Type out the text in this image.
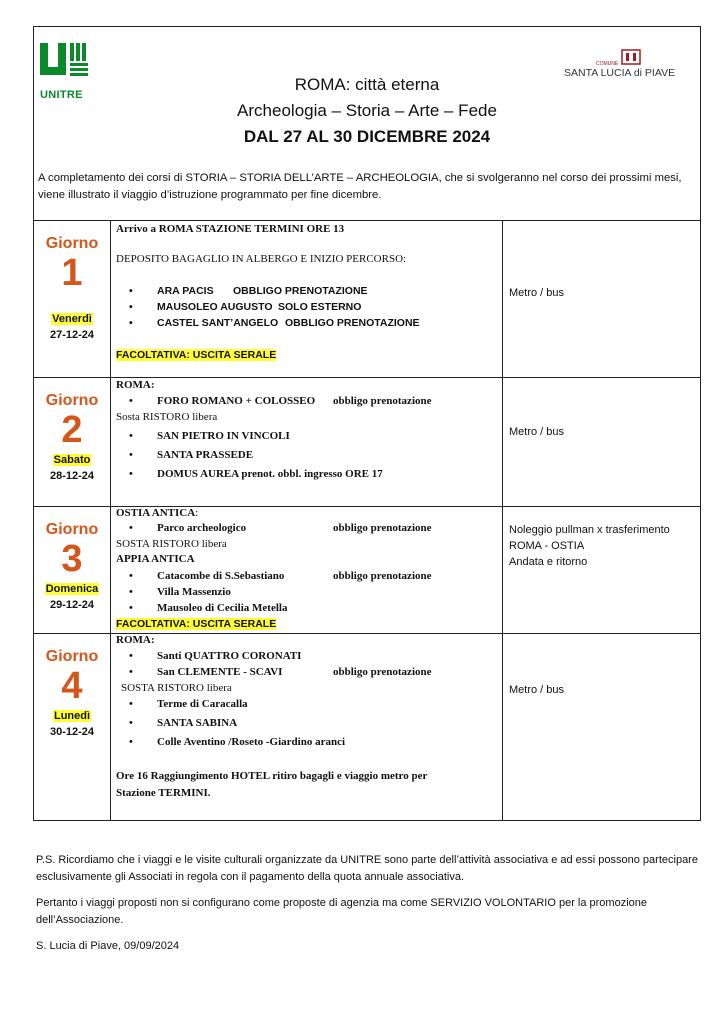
UNITRE
COMUNE
SANTA LUCIA di PIAVE
ROMA: città eterna
Archeologia – Storia – Arte – Fede
DAL 27 AL 30 DICEMBRE 2024
A completamento dei corsi di STORIA – STORIA DELL’ARTE – ARCHEOLOGIA, che si svolgeranno nel corso dei prossimi mesi, viene illustrato il viaggio d’istruzione programmato per fine dicembre.
Giorno
1
Venerdì
27-12-24
Arrivo a ROMA STAZIONE TERMINI ORE 13
DEPOSITO BAGAGLIO IN ALBERGO E INIZIO PERCORSO:
ARA PACIS OBBLIGO PRENOTAZIONE
MAUSOLEO AUGUSTO SOLO ESTERNO
CASTEL SANT’ANGELO OBBLIGO PRENOTAZIONE
FACOLTATIVA: USCITA SERALE
Metro / bus
Giorno
2
Sabato
28-12-24
ROMA:
FORO ROMANO + COLOSSEO obbligo prenotazione
Sosta RISTORO libera
SAN PIETRO IN VINCOLI
SANTA PRASSEDE
DOMUS AUREA prenot. obbl. ingresso ORE 17
Metro / bus
Giorno
3
Domenica
29-12-24
OSTIA ANTICA:
Parco archeologico	obbligo prenotazione
SOSTA RISTORO libera
APPIA ANTICA
Catacombe di S.Sebastiano	obbligo prenotazione
Villa Massenzio
Mausoleo di Cecilia Metella
FACOLTATIVA: USCITA SERALE
Noleggio pullman x trasferimento
ROMA - OSTIA
Andata e ritorno
Giorno
4
Lunedì
30-12-24
ROMA:
Santi QUATTRO CORONATI
San CLEMENTE - SCAVI	obbligo prenotazione
SOSTA RISTORO libera
Terme di Caracalla
SANTA SABINA
Colle Aventino /Roseto -Giardino aranci
Ore 16 Raggiungimento HOTEL ritiro bagagli e viaggio metro per
Stazione TERMINI.
Metro / bus

P.S. Ricordiamo che i viaggi e le visite culturali organizzate da UNITRE sono parte dell’attività associativa e ad essi possono partecipare esclusivamente gli Associati in regola con il pagamento della quota annuale associativa.

Pertanto i viaggi proposti non si configurano come proposte di agenzia ma come SERVIZIO VOLONTARIO per la promozione dell’Associazione.

S. Lucia di Piave, 09/09/2024
